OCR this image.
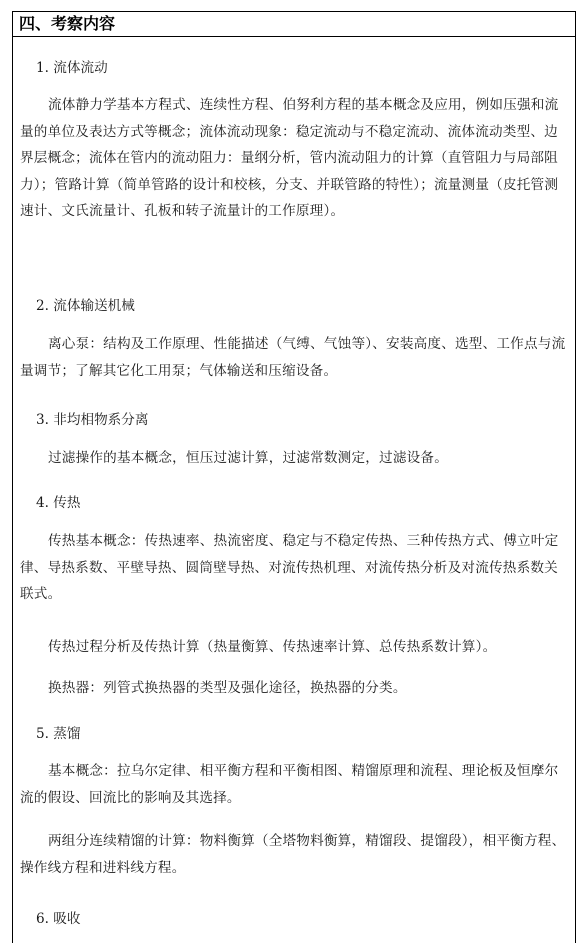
四、考察内容
1. 流体流动
流体静力学基本方程式、连续性方程、伯努利方程的基本概念及应用，例如压强和流量的单位及表达方式等概念；流体流动现象：稳定流动与不稳定流动、流体流动类型、边界层概念；流体在管内的流动阻力：量纲分析，管内流动阻力的计算（直管阻力与局部阻力）；管路计算（简单管路的设计和校核，分支、并联管路的特性）；流量测量（皮托管测速计、文氏流量计、孔板和转子流量计的工作原理）。
2. 流体输送机械
离心泵：结构及工作原理、性能描述（气缚、气蚀等）、安装高度、选型、工作点与流量调节；了解其它化工用泵；气体输送和压缩设备。
3. 非均相物系分离
过滤操作的基本概念，恒压过滤计算，过滤常数测定，过滤设备。
4. 传热
传热基本概念：传热速率、热流密度、稳定与不稳定传热、三种传热方式、傅立叶定律、导热系数、平壁导热、圆筒壁导热、对流传热机理、对流传热分析及对流传热系数关联式。
传热过程分析及传热计算（热量衡算、传热速率计算、总传热系数计算）。
换热器：列管式换热器的类型及强化途径，换热器的分类。
5. 蒸馏
基本概念：拉乌尔定律、相平衡方程和平衡相图、精馏原理和流程、理论板及恒摩尔流的假设、回流比的影响及其选择。
两组分连续精馏的计算：物料衡算（全塔物料衡算，精馏段、提馏段），相平衡方程、操作线方程和进料线方程。
6. 吸收
